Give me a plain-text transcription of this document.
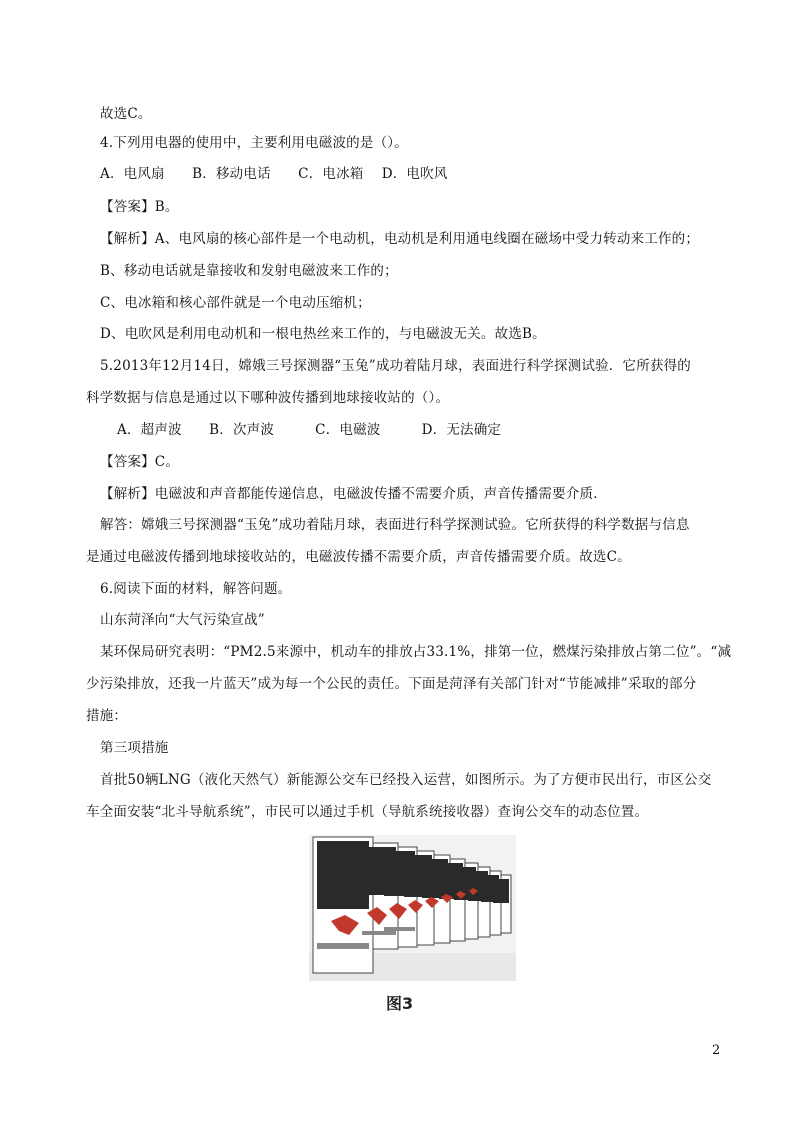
故选C。
4.下列用电器的使用中，主要利用电磁波的是（）。
A．电风扇　　B．移动电话　　C．电冰箱　 D．电吹风
【答案】B。
【解析】A、电风扇的核心部件是一个电动机，电动机是利用通电线圈在磁场中受力转动来工作的；
B、移动电话就是靠接收和发射电磁波来工作的；
C、电冰箱和核心部件就是一个电动压缩机；
D、电吹风是利用电动机和一根电热丝来工作的，与电磁波无关。故选B。
5.2013年12月14日，嫦娥三号探测器“玉兔”成功着陆月球，表面进行科学探测试验．它所获得的
科学数据与信息是通过以下哪种波传播到地球接收站的（）。
A．超声波　　B．次声波　　　C．电磁波　　　D．无法确定
【答案】C。
【解析】电磁波和声音都能传递信息，电磁波传播不需要介质，声音传播需要介质．
解答：嫦娥三号探测器“玉兔”成功着陆月球，表面进行科学探测试验。它所获得的科学数据与信息
是通过电磁波传播到地球接收站的，电磁波传播不需要介质，声音传播需要介质。故选C。
6.阅读下面的材料，解答问题。
山东菏泽向“大气污染宣战”
某环保局研究表明：“PM2.5来源中，机动车的排放占33.1%，排第一位，燃煤污染排放占第二位”。“减
少污染排放，还我一片蓝天”成为每一个公民的责任。下面是菏泽有关部门针对“节能减排”采取的部分
措施：
第三项措施
首批50辆LNG（液化天然气）新能源公交车已经投入运营，如图所示。为了方便市民出行，市区公交
车全面安装“北斗导航系统”，市民可以通过手机（导航系统接收器）查询公交车的动态位置。
图3
2
